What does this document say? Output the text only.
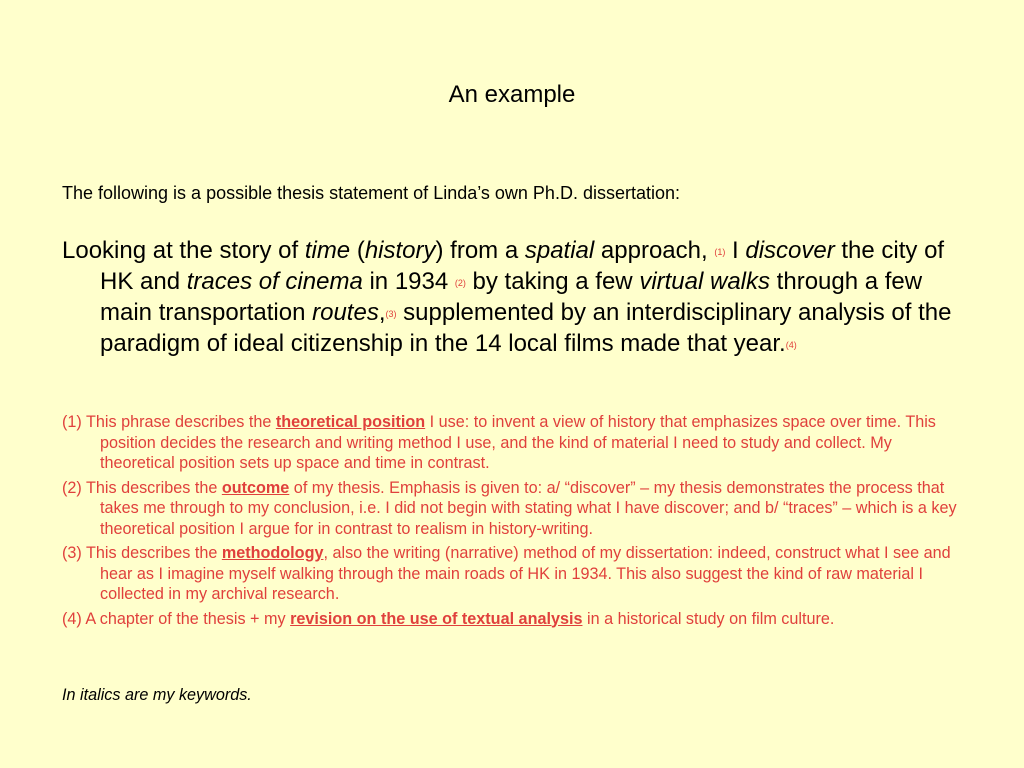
An example
The following is a possible thesis statement of Linda’s own Ph.D. dissertation:
Looking at the story of time (history) from a spatial approach, $^{(1)}$ I discover the city of HK and traces of cinema in 1934 $^{(2)}$ by taking a few virtual walks through a few main transportation routes,$^{(3)}$ supplemented by an interdisciplinary analysis of the paradigm of ideal citizenship in the 14 local films made that year.$^{(4)}$
(1) This phrase describes the theoretical position I use: to invent a view of history that emphasizes space over time. This position decides the research and writing method I use, and the kind of material I need to study and collect. My theoretical position sets up space and time in contrast.
(2) This describes the outcome of my thesis. Emphasis is given to: a/ “discover” – my thesis demonstrates the process that takes me through to my conclusion, i.e. I did not begin with stating what I have discover; and b/ “traces” – which is a key theoretical position I argue for in contrast to realism in history-writing.
(3) This describes the methodology, also the writing (narrative) method of my dissertation: indeed, construct what I see and hear as I imagine myself walking through the main roads of HK in 1934. This also suggest the kind of raw material I collected in my archival research.
(4) A chapter of the thesis + my revision on the use of textual analysis in a historical study on film culture.
In italics are my keywords.
